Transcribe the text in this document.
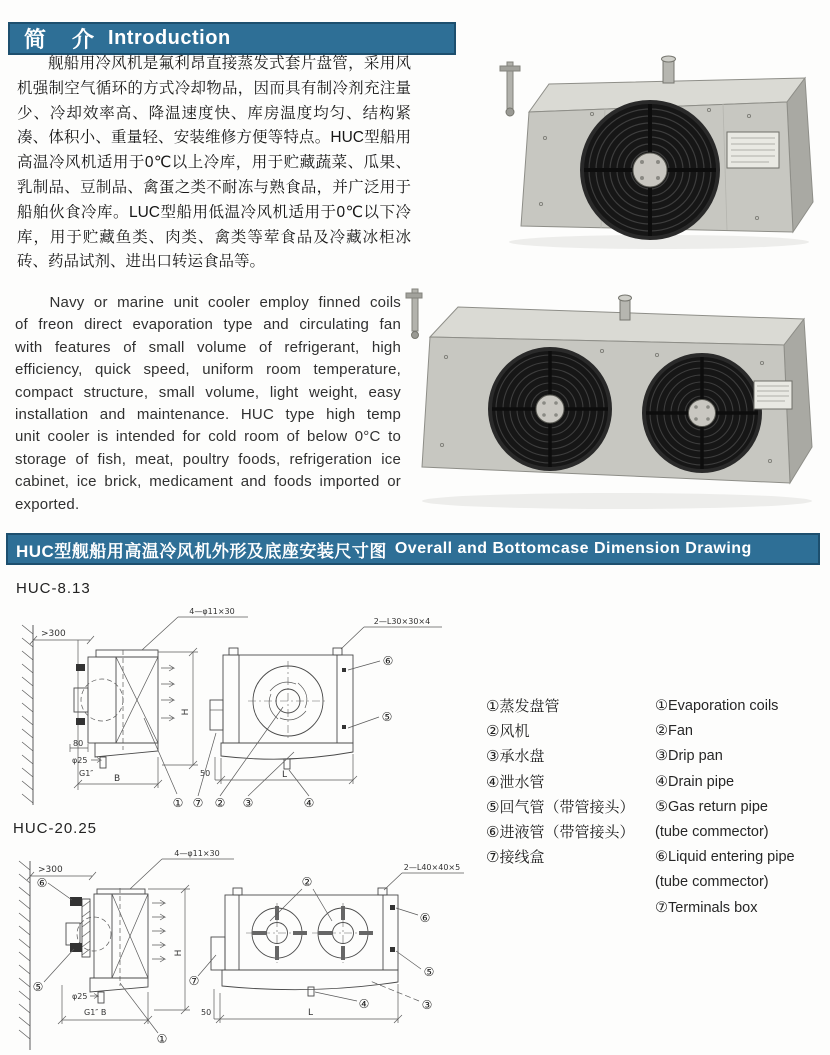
简　介 Introduction

舰船用冷风机是氟利昂直接蒸发式套片盘管，采用风机强制空气循环的方式冷却物品，因而具有制冷剂充注量少、冷却效率高、降温速度快、库房温度均匀、结构紧凑、体积小、重量轻、安装维修方便等特点。HUC型船用高温冷风机适用于0℃以上冷库，用于贮藏蔬菜、瓜果、乳制品、豆制品、禽蛋之类不耐冻与熟食品，并广泛用于船舶伙食冷库。LUC型船用低温冷风机适用于0℃以下冷库，用于贮藏鱼类、肉类、禽类等荤食品及冷藏冰柜冰砖、药品试剂、进出口转运食品等。

Navy or marine unit cooler employ finned coils of freon direct evaporation type and circulating fan with features of small volume of refrigerant, high efficiency, quick speed, uniform room temperature, compact structure, small volume, light weight, easy installation and maintenance. HUC type high temp unit cooler is intended for cold room of below 0°C to storage of fish, meat, poultry foods, refrigeration ice cabinet, ice brick, medicament and foods imported or exported.

HUC型舰船用高温冷风机外形及底座安装尺寸图 Overall and Bottomcase Dimension Drawing
HUC-8.13
>300
H
80
φ25
G1″
B
4—φ11×30
2—L30×30×4
50	L
① ⑦ ② ③	④
⑥
⑤
HUC-20.25
>300
4—φ11×30
H
φ25
G1″ B
2—L40×40×5
50	L
⑥
⑤
①
②
⑦
④	③
⑥
⑤
①蒸发盘管
②风机
③承水盘
④泄水管
⑤回气管（带管接头）
⑥进液管（带管接头）
⑦接线盒
①Evaporation coils
②Fan
③Drip pan
④Drain pipe
⑤Gas return pipe
(tube commector)
⑥Liquid entering pipe
(tube commector)
⑦Terminals box
